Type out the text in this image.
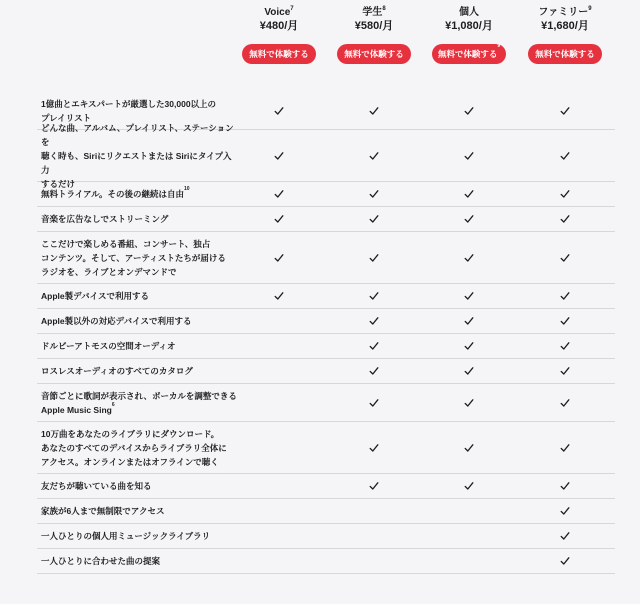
Voice$^7$
¥480/月
無料で体験する
学生$^8$
¥580/月
無料で体験する
個人
¥1,080/月
無料で体験する$^9$
ファミリー$^9$
¥1,680/月
無料で体験する
1億曲とエキスパートが厳選した30,000以上の
プレイリスト
どんな曲、アルバム、プレイリスト、ステーションを
聴く時も、Siriにリクエストまたは Siriにタイプ入力
するだけ
無料トライアル。その後の継続は自由$^{10}$
音楽を広告なしでストリーミング
ここだけで楽しめる番組、コンサート、独占
コンテンツ。そして、アーティストたちが届ける
ラジオを、ライブとオンデマンドで
Apple製デバイスで利用する
Apple製以外の対応デバイスで利用する
ドルビーアトモスの空間オーディオ
ロスレスオーディオのすべてのカタログ
音節ごとに歌詞が表示され、ボーカルを調整できる
Apple Music Sing$^6$
10万曲をあなたのライブラリにダウンロード。
あなたのすべてのデバイスからライブラリ全体に
アクセス。オンラインまたはオフラインで聴く
友だちが聴いている曲を知る
家族が6人まで無制限でアクセス
一人ひとりの個人用ミュージックライブラリ
一人ひとりに合わせた曲の提案
